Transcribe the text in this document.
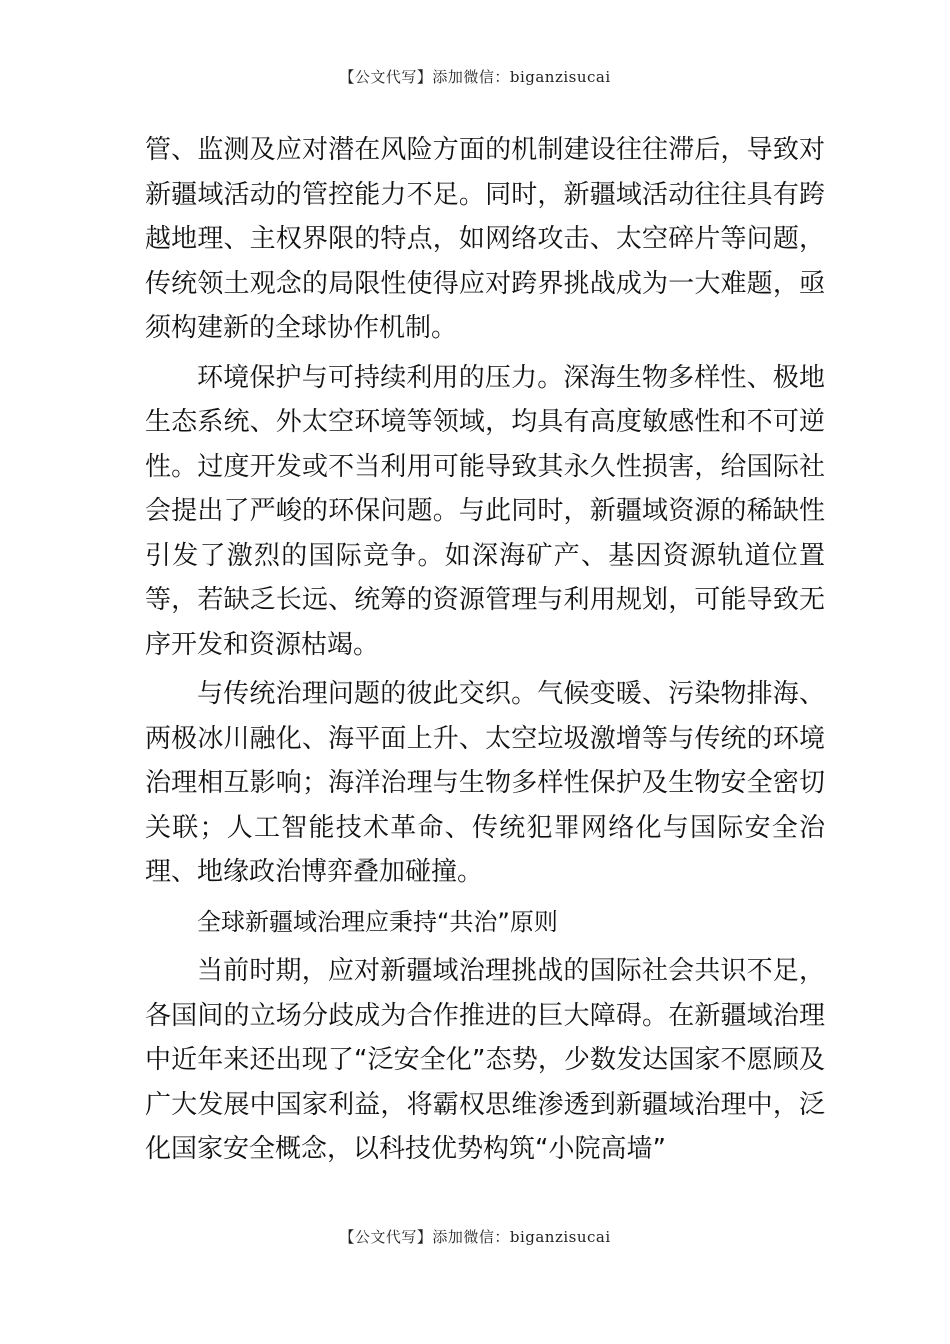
【公文代写】添加微信：biganzisucai

管、监测及应对潜在风险方面的机制建设往往滞后，导致对新疆域活动的管控能力不足。同时，新疆域活动往往具有跨越地理、主权界限的特点，如网络攻击、太空碎片等问题，传统领土观念的局限性使得应对跨界挑战成为一大难题，亟须构建新的全球协作机制。

环境保护与可持续利用的压力。深海生物多样性、极地生态系统、外太空环境等领域，均具有高度敏感性和不可逆性。过度开发或不当利用可能导致其永久性损害，给国际社会提出了严峻的环保问题。与此同时，新疆域资源的稀缺性引发了激烈的国际竞争。如深海矿产、基因资源轨道位置等，若缺乏长远、统筹的资源管理与利用规划，可能导致无序开发和资源枯竭。

与传统治理问题的彼此交织。气候变暖、污染物排海、两极冰川融化、海平面上升、太空垃圾激增等与传统的环境治理相互影响；海洋治理与生物多样性保护及生物安全密切关联；人工智能技术革命、传统犯罪网络化与国际安全治理、地缘政治博弈叠加碰撞。

全球新疆域治理应秉持“共治”原则

当前时期，应对新疆域治理挑战的国际社会共识不足，各国间的立场分歧成为合作推进的巨大障碍。在新疆域治理中近年来还出现了“泛安全化”态势，少数发达国家不愿顾及广大发展中国家利益，将霸权思维渗透到新疆域治理中，泛化国家安全概念，以科技优势构筑“小院高墙”

【公文代写】添加微信：biganzisucai
